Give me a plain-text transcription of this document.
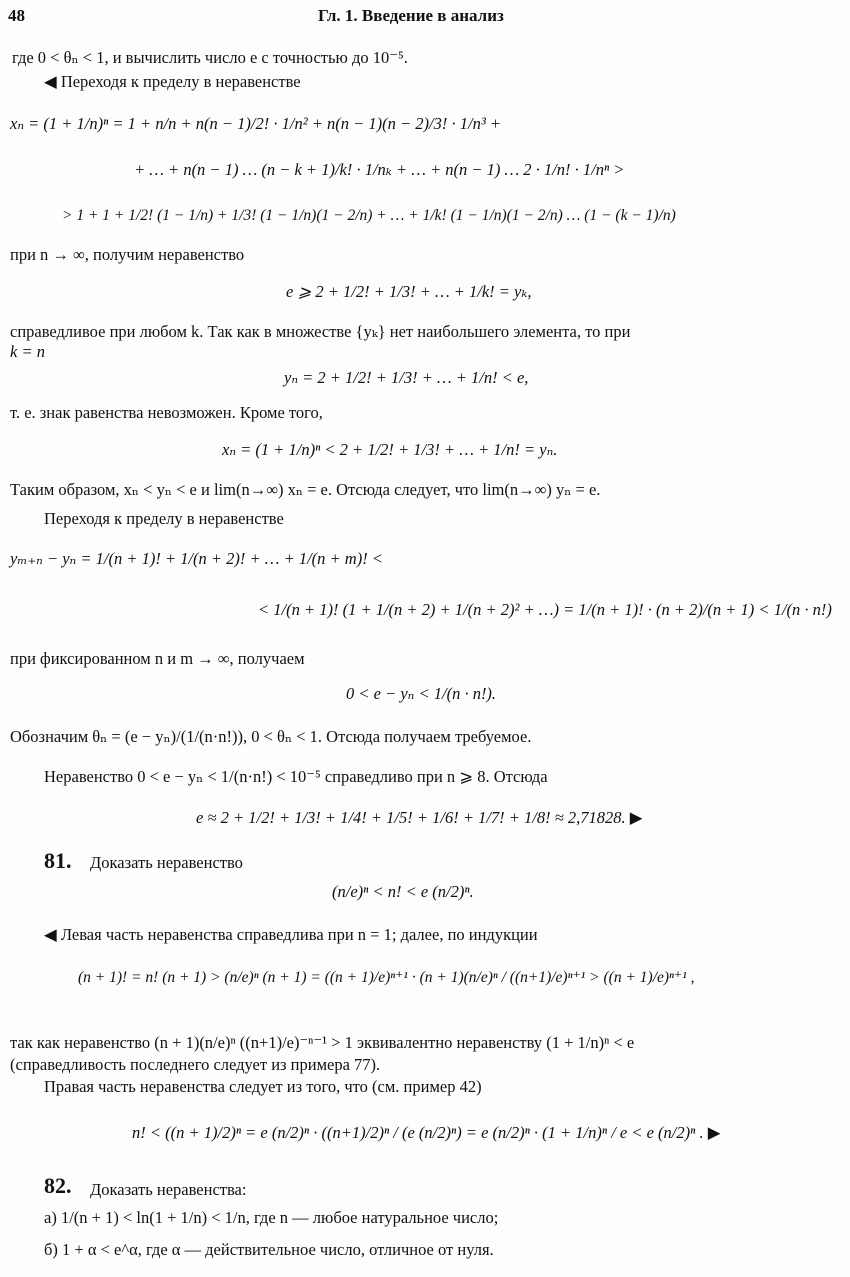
48	Гл. 1. Введение в анализ
где 0 < θₙ < 1, и вычислить число e с точностью до 10⁻⁵.
◀ Переходя к пределу в неравенстве
xₙ = (1 + 1/n)ⁿ = 1 + n/n + n(n − 1)/2! · 1/n² + n(n − 1)(n − 2)/3! · 1/n³ +
+ … + n(n − 1) … (n − k + 1)/k! · 1/nₖ + … + n(n − 1) … 2 · 1/n! · 1/nⁿ >
> 1 + 1 + 1/2! (1 − 1/n) + 1/3! (1 − 1/n)(1 − 2/n) + … + 1/k! (1 − 1/n)(1 − 2/n) … (1 − (k − 1)/n)
при n → ∞, получим неравенство
e ⩾ 2 + 1/2! + 1/3! + … + 1/k! = yₖ,
справедливое при любом k. Так как в множестве {yₖ} нет наибольшего элемента, то при
k = n
yₙ = 2 + 1/2! + 1/3! + … + 1/n! < e,
т. е. знак равенства невозможен. Кроме того,
xₙ = (1 + 1/n)ⁿ < 2 + 1/2! + 1/3! + … + 1/n! = yₙ.
Таким образом, xₙ < yₙ < e и lim(n→∞) xₙ = e. Отсюда следует, что lim(n→∞) yₙ = e.
Переходя к пределу в неравенстве
yₘ₊ₙ − yₙ = 1/(n + 1)! + 1/(n + 2)! + … + 1/(n + m)! <
< 1/(n + 1)! (1 + 1/(n + 2) + 1/(n + 2)² + …) = 1/(n + 1)! · (n + 2)/(n + 1) < 1/(n · n!)
при фиксированном n и m → ∞, получаем
0 < e − yₙ < 1/(n · n!).
Обозначим θₙ = (e − yₙ)/(1/(n·n!)), 0 < θₙ < 1. Отсюда получаем требуемое.
Неравенство 0 < e − yₙ < 1/(n·n!) < 10⁻⁵ справедливо при n ⩾ 8. Отсюда
e ≈ 2 + 1/2! + 1/3! + 1/4! + 1/5! + 1/6! + 1/7! + 1/8! ≈ 2,71828. ▶
81. Доказать неравенство
(n/e)ⁿ < n! < e (n/2)ⁿ.
◀ Левая часть неравенства справедлива при n = 1; далее, по индукции
(n + 1)! = n! (n + 1) > (n/e)ⁿ (n + 1) = ((n + 1)/e)ⁿ⁺¹ · (n + 1)(n/e)ⁿ / ((n+1)/e)ⁿ⁺¹ > ((n + 1)/e)ⁿ⁺¹ ,
так как неравенство (n + 1)(n/e)ⁿ ((n+1)/e)⁻ⁿ⁻¹ > 1 эквивалентно неравенству (1 + 1/n)ⁿ < e
(справедливость последнего следует из примера 77).
Правая часть неравенства следует из того, что (см. пример 42)
n! < ((n + 1)/2)ⁿ = e (n/2)ⁿ · ((n+1)/2)ⁿ / (e (n/2)ⁿ) = e (n/2)ⁿ · (1 + 1/n)ⁿ / e < e (n/2)ⁿ . ▶
82. Доказать неравенства:
а) 1/(n + 1) < ln(1 + 1/n) < 1/n, где n — любое натуральное число;
б) 1 + α < e^α, где α — действительное число, отличное от нуля.
